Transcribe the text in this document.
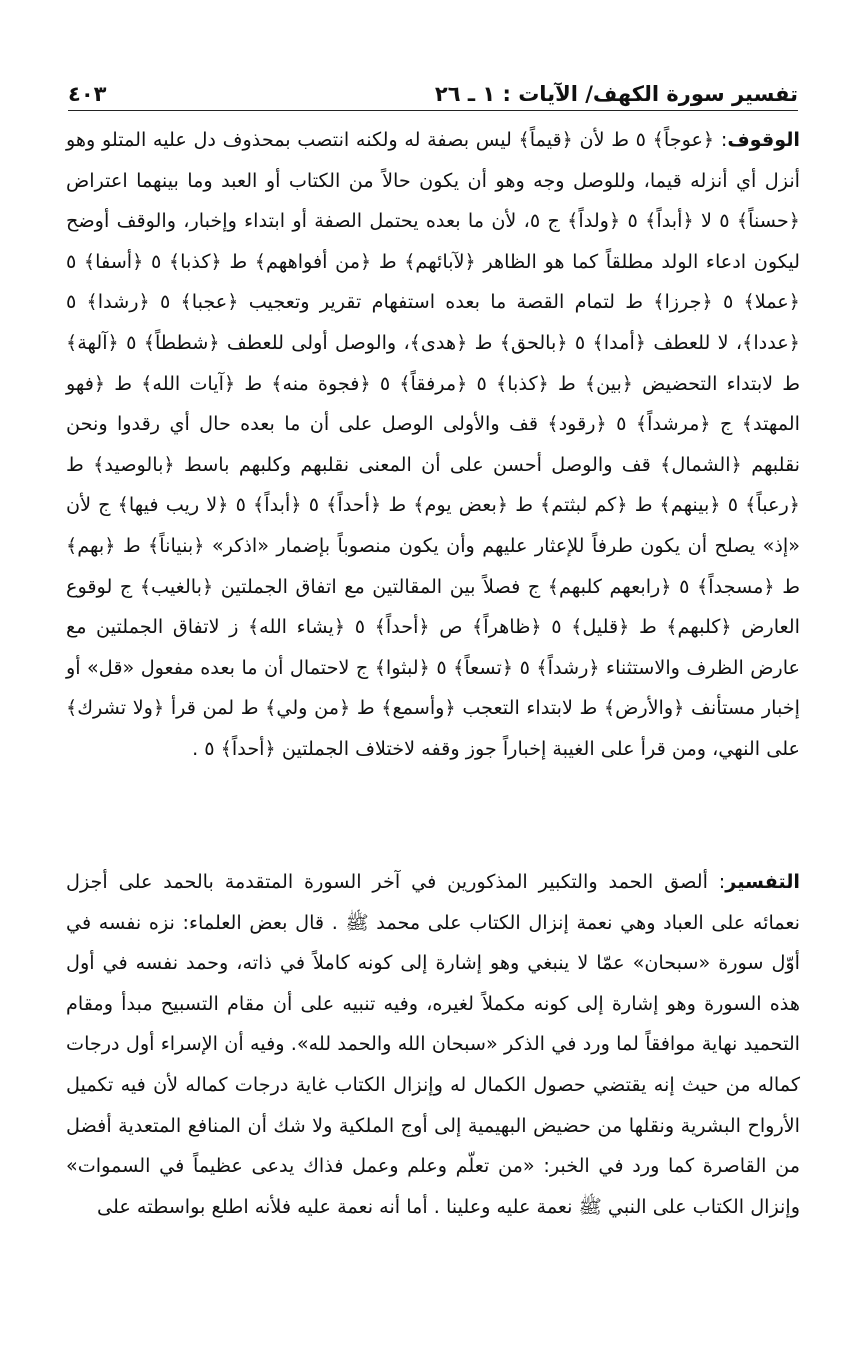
تفسير سورة الكهف/ الآيات : ١ ـ ٢٦
٤٠٣

الوقوف: ﴿عوجاً﴾ ٥ ط لأن ﴿قيماً﴾ ليس بصفة له ولكنه انتصب بمحذوف دل عليه المتلو وهو أنزل أي أنزله قيما، وللوصل وجه وهو أن يكون حالاً من الكتاب أو العبد وما بينهما اعتراض ﴿حسناً﴾ ٥ لا ﴿أبداً﴾ ٥ ﴿ولداً﴾ ج ٥، لأن ما بعده يحتمل الصفة أو ابتداء وإخبار، والوقف أوضح ليكون ادعاء الولد مطلقاً كما هو الظاهر ﴿لآبائهم﴾ ط ﴿من أفواههم﴾ ط ﴿كذبا﴾ ٥ ﴿أسفا﴾ ٥ ﴿عملا﴾ ٥ ﴿جرزا﴾ ط لتمام القصة ما بعده استفهام تقرير وتعجيب ﴿عجبا﴾ ٥ ﴿رشدا﴾ ٥ ﴿عددا﴾، لا للعطف ﴿أمدا﴾ ٥ ﴿بالحق﴾ ط ﴿هدى﴾، والوصل أولى للعطف ﴿شططاً﴾ ٥ ﴿آلهة﴾ ط لابتداء التحضيض ﴿بين﴾ ط ﴿كذبا﴾ ٥ ﴿مرفقاً﴾ ٥ ﴿فجوة منه﴾ ط ﴿آيات الله﴾ ط ﴿فهو المهتد﴾ ج ﴿مرشداً﴾ ٥ ﴿رقود﴾ قف والأولى الوصل على أن ما بعده حال أي رقدوا ونحن نقلبهم ﴿الشمال﴾ قف والوصل أحسن على أن المعنى نقلبهم وكلبهم باسط ﴿بالوصيد﴾ ط ﴿رعباً﴾ ٥ ﴿بينهم﴾ ط ﴿كم لبثتم﴾ ط ﴿بعض يوم﴾ ط ﴿أحداً﴾ ٥ ﴿أبداً﴾ ٥ ﴿لا ريب فيها﴾ ج لأن «إذ» يصلح أن يكون طرفاً للإعثار عليهم وأن يكون منصوباً بإضمار «اذكر» ﴿بنياناً﴾ ط ﴿بهم﴾ ط ﴿مسجداً﴾ ٥ ﴿رابعهم كلبهم﴾ ج فصلاً بين المقالتين مع اتفاق الجملتين ﴿بالغيب﴾ ج لوقوع العارض ﴿كلبهم﴾ ط ﴿قليل﴾ ٥ ﴿ظاهراً﴾ ص ﴿أحداً﴾ ٥ ﴿يشاء الله﴾ ز لاتفاق الجملتين مع عارض الظرف والاستثناء ﴿رشداً﴾ ٥ ﴿تسعاً﴾ ٥ ﴿لبثوا﴾ ج لاحتمال أن ما بعده مفعول «قل» أو إخبار مستأنف ﴿والأرض﴾ ط لابتداء التعجب ﴿وأسمع﴾ ط ﴿من ولي﴾ ط لمن قرأ ﴿ولا تشرك﴾ على النهي، ومن قرأ على الغيبة إخباراً جوز وقفه لاختلاف الجملتين ﴿أحداً﴾ ٥ .

التفسير: ألصق الحمد والتكبير المذكورين في آخر السورة المتقدمة بالحمد على أجزل نعمائه على العباد وهي نعمة إنزال الكتاب على محمد ﷺ . قال بعض العلماء: نزه نفسه في أوّل سورة «سبحان» عمّا لا ينبغي وهو إشارة إلى كونه كاملاً في ذاته، وحمد نفسه في أول هذه السورة وهو إشارة إلى كونه مكملاً لغيره، وفيه تنبيه على أن مقام التسبيح مبدأ ومقام التحميد نهاية موافقاً لما ورد في الذكر «سبحان الله والحمد لله». وفيه أن الإسراء أول درجات كماله من حيث إنه يقتضي حصول الكمال له وإنزال الكتاب غاية درجات كماله لأن فيه تكميل الأرواح البشرية ونقلها من حضيض البهيمية إلى أوج الملكية ولا شك أن المنافع المتعدية أفضل من القاصرة كما ورد في الخبر: «من تعلّم وعلم وعمل فذاك يدعى عظيماً في السموات» وإنزال الكتاب على النبي ﷺ نعمة عليه وعلينا . أما أنه نعمة عليه فلأنه اطلع بواسطته على
